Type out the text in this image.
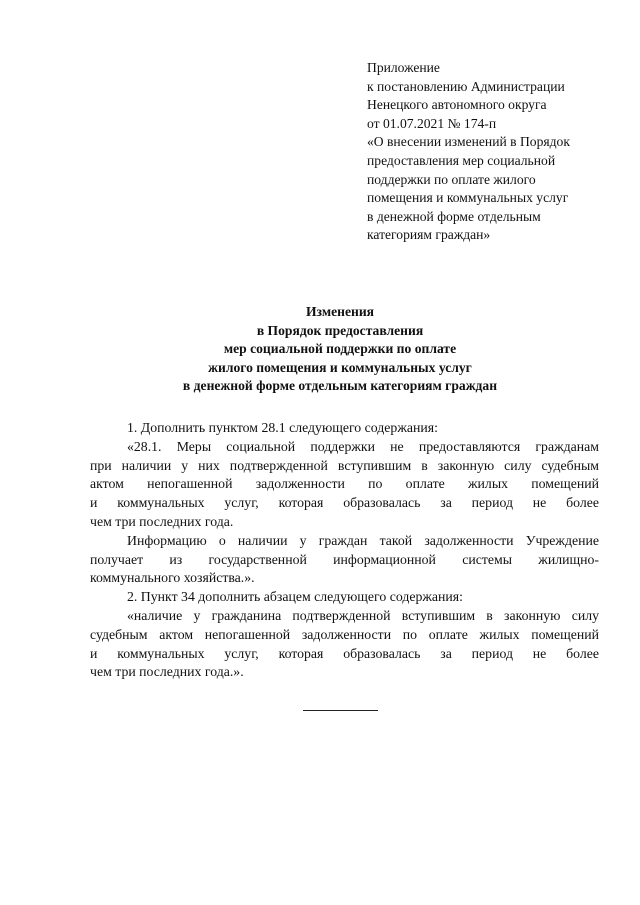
Приложение
к постановлению Администрации
Ненецкого автономного округа
от 01.07.2021 № 174-п
«О внесении изменений в Порядок
предоставления мер социальной
поддержки по оплате жилого
помещения и коммунальных услуг
в денежной форме отдельным
категориям граждан»
Изменения
в Порядок предоставления
мер социальной поддержки по оплате
жилого помещения и коммунальных услуг
в денежной форме отдельным категориям граждан
1. Дополнить пунктом 28.1 следующего содержания:
«28.1. Меры социальной поддержки не предоставляются гражданам
при наличии у них подтвержденной вступившим в законную силу судебным
актом непогашенной задолженности по оплате жилых помещений
и коммунальных услуг, которая образовалась за период не более
чем три последних года.
Информацию о наличии у граждан такой задолженности Учреждение
получает из государственной информационной системы жилищно-
коммунального хозяйства.».
2. Пункт 34 дополнить абзацем следующего содержания:
«наличие у гражданина подтвержденной вступившим в законную силу
судебным актом непогашенной задолженности по оплате жилых помещений
и коммунальных услуг, которая образовалась за период не более
чем три последних года.».
